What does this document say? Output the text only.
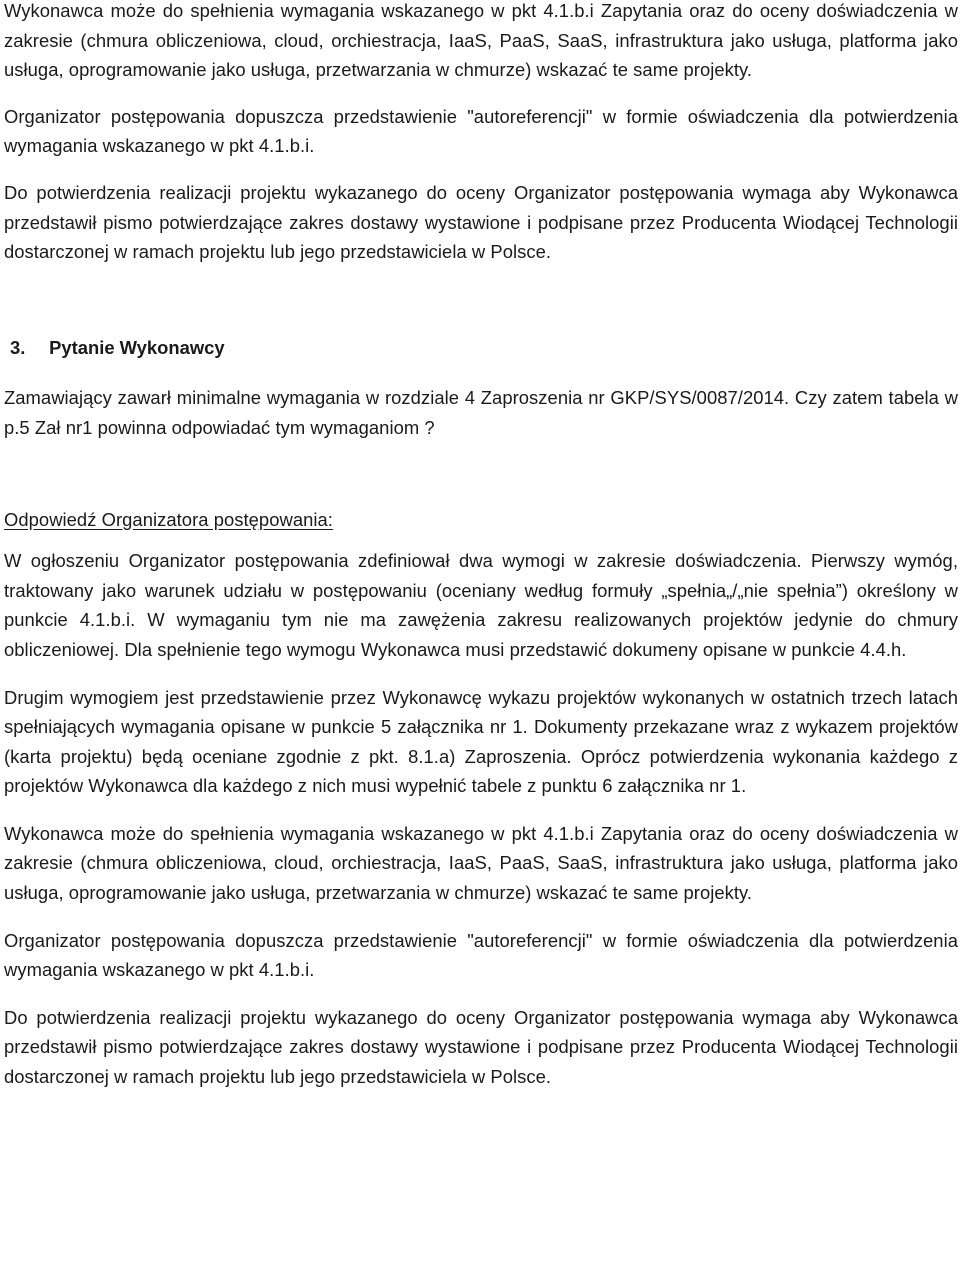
Wykonawca może do spełnienia wymagania wskazanego w pkt 4.1.b.i Zapytania oraz do oceny doświadczenia w zakresie (chmura obliczeniowa, cloud, orchiestracja, IaaS, PaaS, SaaS, infrastruktura jako usługa, platforma jako usługa, oprogramowanie jako usługa, przetwarzania w chmurze) wskazać te same projekty.

Organizator postępowania dopuszcza przedstawienie "autoreferencji" w formie oświadczenia dla potwierdzenia wymagania wskazanego w pkt 4.1.b.i.

Do potwierdzenia realizacji projektu wykazanego do oceny Organizator postępowania wymaga aby Wykonawca przedstawił pismo potwierdzające zakres dostawy wystawione i podpisane przez Producenta Wiodącej Technologii dostarczonej w ramach projektu lub jego przedstawiciela w Polsce.

3. Pytanie Wykonawcy

Zamawiający zawarł minimalne wymagania w rozdziale 4 Zaproszenia nr GKP/SYS/0087/2014. Czy zatem tabela w p.5 Zał nr1 powinna odpowiadać tym wymaganiom ?

Odpowiedź Organizatora postępowania:

W ogłoszeniu Organizator postępowania zdefiniował dwa wymogi w zakresie doświadczenia. Pierwszy wymóg, traktowany jako warunek udziału w postępowaniu (oceniany według formuły „spełnia„/„nie spełnia”) określony w punkcie 4.1.b.i. W wymaganiu tym nie ma zawężenia zakresu realizowanych projektów jedynie do chmury obliczeniowej. Dla spełnienie tego wymogu Wykonawca musi przedstawić dokumeny opisane w punkcie 4.4.h.

Drugim wymogiem jest przedstawienie przez Wykonawcę wykazu projektów wykonanych w ostatnich trzech latach spełniających wymagania opisane w punkcie 5 załącznika nr 1. Dokumenty przekazane wraz z wykazem projektów (karta projektu) będą oceniane zgodnie z pkt. 8.1.a) Zaproszenia. Oprócz potwierdzenia wykonania każdego z projektów Wykonawca dla każdego z nich musi wypełnić tabele z punktu 6 załącznika nr 1.

Wykonawca może do spełnienia wymagania wskazanego w pkt 4.1.b.i Zapytania oraz do oceny doświadczenia w zakresie (chmura obliczeniowa, cloud, orchiestracja, IaaS, PaaS, SaaS, infrastruktura jako usługa, platforma jako usługa, oprogramowanie jako usługa, przetwarzania w chmurze) wskazać te same projekty.

Organizator postępowania dopuszcza przedstawienie "autoreferencji" w formie oświadczenia dla potwierdzenia wymagania wskazanego w pkt 4.1.b.i.

Do potwierdzenia realizacji projektu wykazanego do oceny Organizator postępowania wymaga aby Wykonawca przedstawił pismo potwierdzające zakres dostawy wystawione i podpisane przez Producenta Wiodącej Technologii dostarczonej w ramach projektu lub jego przedstawiciela w Polsce.
